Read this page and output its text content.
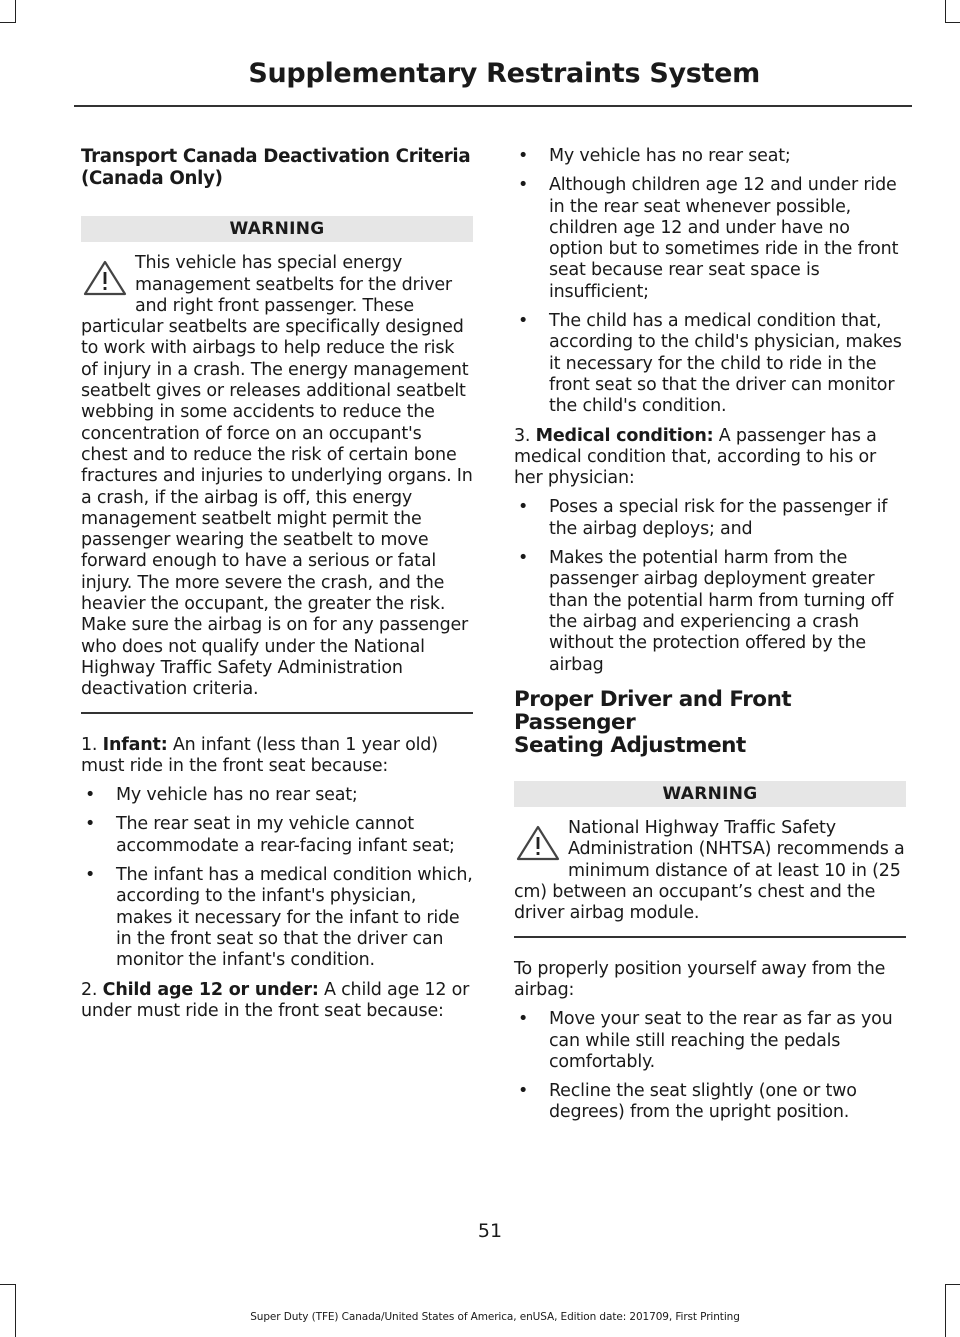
Supplementary Restraints System
Transport Canada Deactivation Criteria
(Canada Only)
WARNING

This vehicle has special energy management seatbelts for the driver and right front passenger. These particular seatbelts are specifically designed to work with airbags to help reduce the risk of injury in a crash. The energy management seatbelt gives or releases additional seatbelt webbing in some accidents to reduce the concentration of force on an occupant's chest and to reduce the risk of certain bone fractures and injuries to underlying organs. In a crash, if the airbag is off, this energy management seatbelt might permit the passenger wearing the seatbelt to move forward enough to have a serious or fatal injury. The more severe the crash, and the heavier the occupant, the greater the risk. Make sure the airbag is on for any passenger who does not qualify under the National Highway Traffic Safety Administration deactivation criteria.

1. Infant: An infant (less than 1 year old) must ride in the front seat because:

• My vehicle has no rear seat;
• The rear seat in my vehicle cannot accommodate a rear-facing infant seat;
• The infant has a medical condition which, according to the infant's physician, makes it necessary for the infant to ride in the front seat so that the driver can monitor the infant's condition.

2. Child age 12 or under: A child age 12 or under must ride in the front seat because:

• My vehicle has no rear seat;
• Although children age 12 and under ride in the rear seat whenever possible, children age 12 and under have no option but to sometimes ride in the front seat because rear seat space is insufficient;
• The child has a medical condition that, according to the child's physician, makes it necessary for the child to ride in the front seat so that the driver can monitor the child's condition.

3. Medical condition: A passenger has a medical condition that, according to his or her physician:

• Poses a special risk for the passenger if the airbag deploys; and
• Makes the potential harm from the passenger airbag deployment greater than the potential harm from turning off the airbag and experiencing a crash without the protection offered by the airbag
Proper Driver and Front Passenger
Seating Adjustment
WARNING

National Highway Traffic Safety Administration (NHTSA) recommends a minimum distance of at least 10 in (25 cm) between an occupant’s chest and the driver airbag module.

To properly position yourself away from the airbag:

• Move your seat to the rear as far as you can while still reaching the pedals comfortably.
• Recline the seat slightly (one or two degrees) from the upright position.
51
Super Duty (TFE) Canada/United States of America, enUSA, Edition date: 201709, First Printing
